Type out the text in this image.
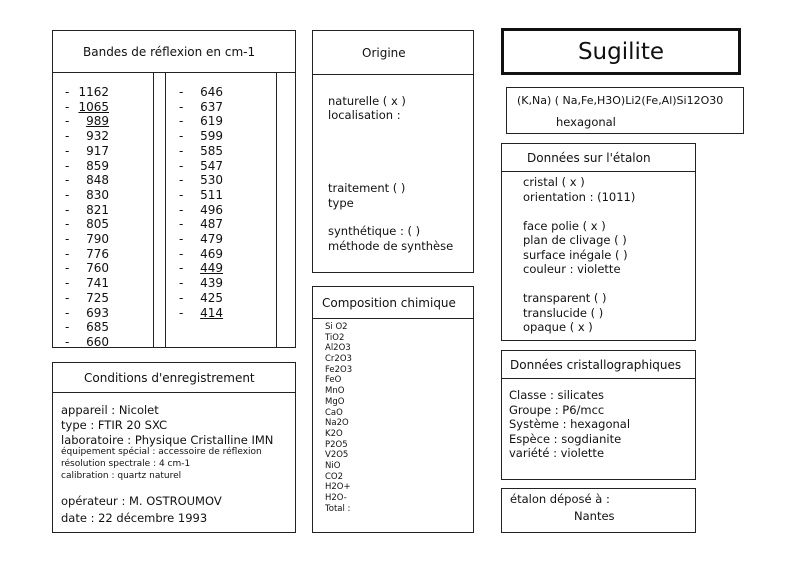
Bandes de réflexion en cm-1
- 1162
- 1065
-	989
-	932
-	917
-	859
-	848
-	830
-	821
-	805
-	790
-	776
-	760
-	741
-	725
-	693
-	685
-	660
-	646
-	637
-	619
-	599
-	585
-	547
-	530
-	511
-	496
-	487
-	479
-	469
-	449
-	439
-	425
-	414
Conditions d'enregistrement
appareil : Nicolet
type : FTIR 20 SXC
laboratoire : Physique Cristalline IMN
équipement spécial : accessoire de réflexion
résolution spectrale : 4 cm-1
calibration : quartz naturel
opérateur : M. OSTROUMOV
date : 22 décembre 1993
Origine
naturelle ( x )
localisation :
traitement ( )
type
synthétique : ( )
méthode de synthèse
Composition chimique
Si O2
TiO2
Al2O3
Cr2O3
Fe2O3
FeO
MnO
MgO
CaO
Na2O
K2O
P2O5
V2O5
NiO
CO2
H2O+
H2O-
Total :
Sugilite
(K,Na) ( Na,Fe,H3O)Li2(Fe,Al)Si12O30
hexagonal
Données sur l'étalon
cristal ( x )
orientation : (1011)

face polie ( x )
plan de clivage ( )
surface inégale ( )
couleur : violette

transparent ( )
translucide ( )
opaque ( x )
Données cristallographiques
Classe : silicates
Groupe : P6/mcc
Système : hexagonal
Espèce : sogdianite
variété : violette
étalon déposé à :
Nantes
